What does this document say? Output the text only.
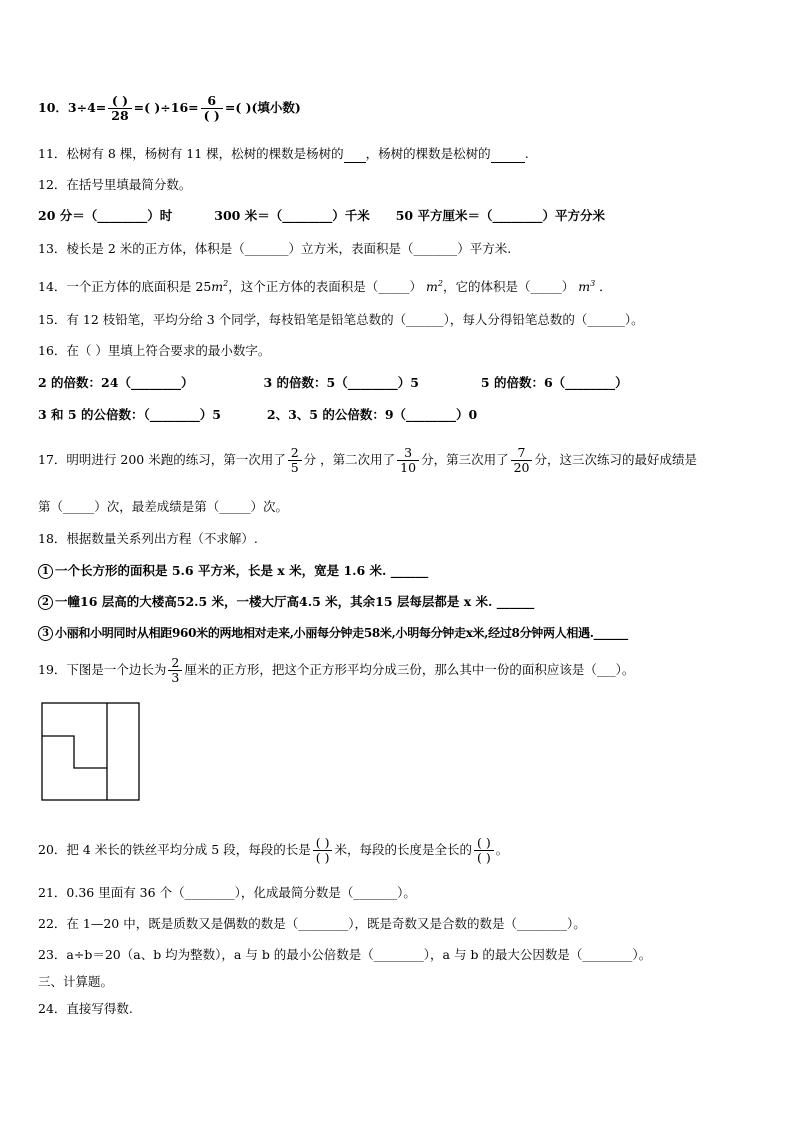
10．$3\div 4= \frac{( )}{28}$ =( )$\div 16= \frac{6}{( )}$ =( )(填小数)
11．松树有 8 棵，杨树有 11 棵，松树的棵数是杨树的 ，杨树的棵数是松树的	.
12．在括号里填最简分数。
20 分＝（________）时	300 米＝（________）千米 50 平方厘米＝（________）平方分米
13．棱长是 2 米的正方体，体积是（_______）立方米，表面积是（_______）平方米.
14．一个正方体的底面积是 $25m^2$，这个正方体的表面积是（_____） $m^2$，它的体积是（_____） $m^3$ ．
15．有 12 枝铅笔，平均分给 3 个同学，每枝铅笔是铅笔总数的（______），每人分得铅笔总数的（______）。
16．在（ ）里填上符合要求的最小数字。
2 的倍数：24（________）	3 的倍数：5（________）5	5 的倍数：6（________）
3 和 5 的公倍数：（________）5	2、3、5 的公倍数：9（________）0
17．明明进行 200 米跑的练习，第一次用了 $\frac{2}{5}$ 分 ，第二次用了 $\frac{3}{10}$ 分，第三次用了 $\frac{7}{20}$ 分，这三次练习的最好成绩是
第（_____）次，最差成绩是第（_____）次。
18．根据数量关系列出方程（不求解）.
1 一个长方形的面积是 5.6 平方米，长是 x 米，宽是 1.6 米. ______
2 一幢16 层高的大楼高52.5 米，一楼大厅高4.5 米，其余15 层每层都是 x 米. ______
3 小丽和小明同时从相距960米的两地相对走来,小丽每分钟走58米,小明每分钟走x米,经过8分钟两人相遇.______
19．下图是一个边长为 $\frac{2}{3}$ 厘米的正方形，把这个正方形平均分成三份，那么其中一份的面积应该是（___）。
20．把 4 米长的铁丝平均分成 5 段，每段的长是 $\frac{( )}{( )}$ 米，每段的长度是全长的 $\frac{( )}{( )}$ 。
21．0.36 里面有 36 个（________），化成最简分数是（_______）。
22．在 1—20 中，既是质数又是偶数的数是（________），既是奇数又是合数的数是（________）。
23．a÷b＝20（a、b 均为整数），a 与 b 的最小公倍数是（________），a 与 b 的最大公因数是（________）。
三、计算题。
24．直接写得数.
